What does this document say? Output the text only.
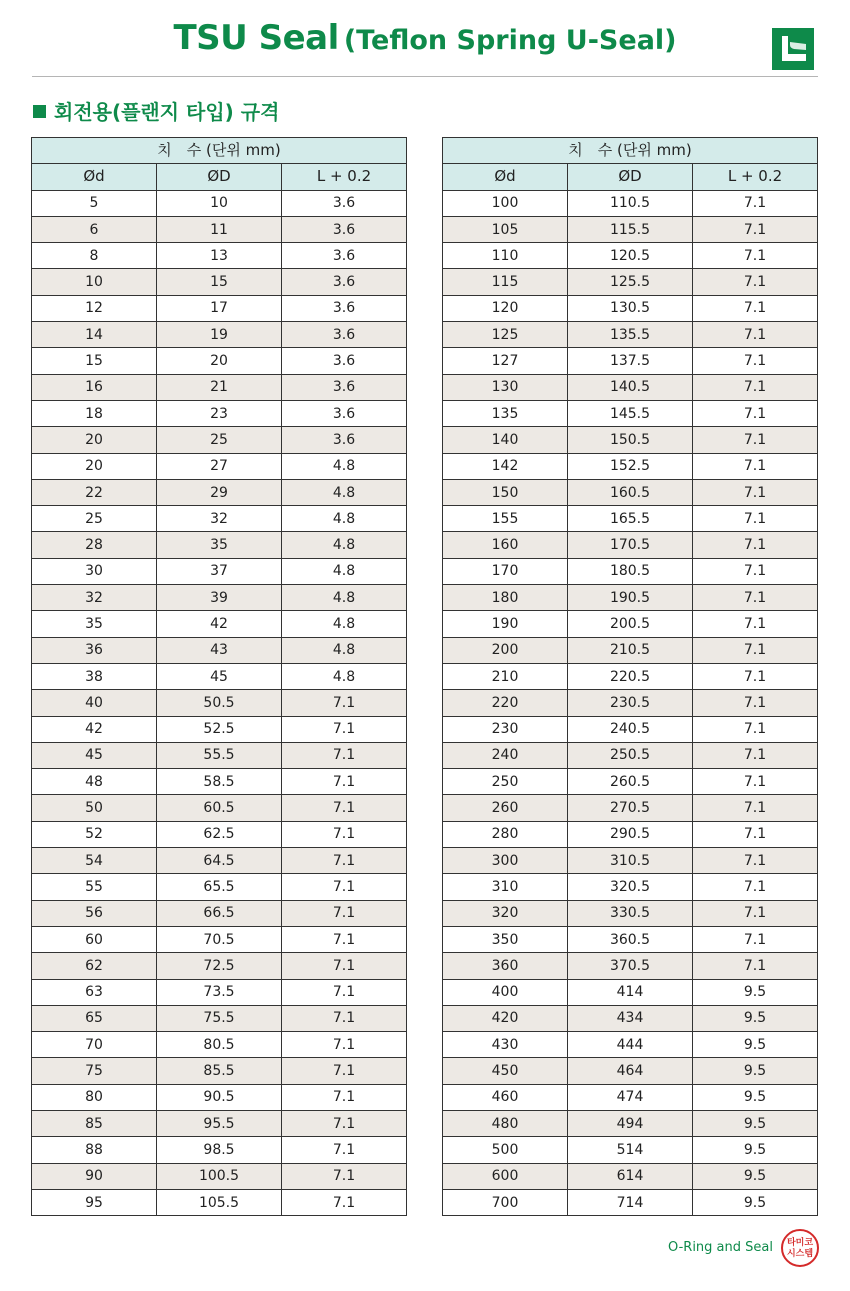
TSU Seal (Teflon Spring U-Seal)
회전용(플랜지 타입) 규격
치　수 (단위 mm)		
Ød	ØD	L + 0.2
5	10	3.6
6	11	3.6
8	13	3.6
10	15	3.6
12	17	3.6
14	19	3.6
15	20	3.6
16	21	3.6
18	23	3.6
20	25	3.6
20	27	4.8
22	29	4.8
25	32	4.8
28	35	4.8
30	37	4.8
32	39	4.8
35	42	4.8
36	43	4.8
38	45	4.8
40	50.5	7.1
42	52.5	7.1
45	55.5	7.1
48	58.5	7.1
50	60.5	7.1
52	62.5	7.1
54	64.5	7.1
55	65.5	7.1
56	66.5	7.1
60	70.5	7.1
62	72.5	7.1
63	73.5	7.1
65	75.5	7.1
70	80.5	7.1
75	85.5	7.1
80	90.5	7.1
85	95.5	7.1
88	98.5	7.1
90	100.5	7.1
95	105.5	7.1
치　수 (단위 mm)		
Ød	ØD	L + 0.2
100	110.5	7.1
105	115.5	7.1
110	120.5	7.1
115	125.5	7.1
120	130.5	7.1
125	135.5	7.1
127	137.5	7.1
130	140.5	7.1
135	145.5	7.1
140	150.5	7.1
142	152.5	7.1
150	160.5	7.1
155	165.5	7.1
160	170.5	7.1
170	180.5	7.1
180	190.5	7.1
190	200.5	7.1
200	210.5	7.1
210	220.5	7.1
220	230.5	7.1
230	240.5	7.1
240	250.5	7.1
250	260.5	7.1
260	270.5	7.1
280	290.5	7.1
300	310.5	7.1
310	320.5	7.1
320	330.5	7.1
350	360.5	7.1
360	370.5	7.1
400	414	9.5
420	434	9.5
430	444	9.5
450	464	9.5
460	474	9.5
480	494	9.5
500	514	9.5
600	614	9.5
700	714	9.5
O-Ring and Seal	타미코
시스템
